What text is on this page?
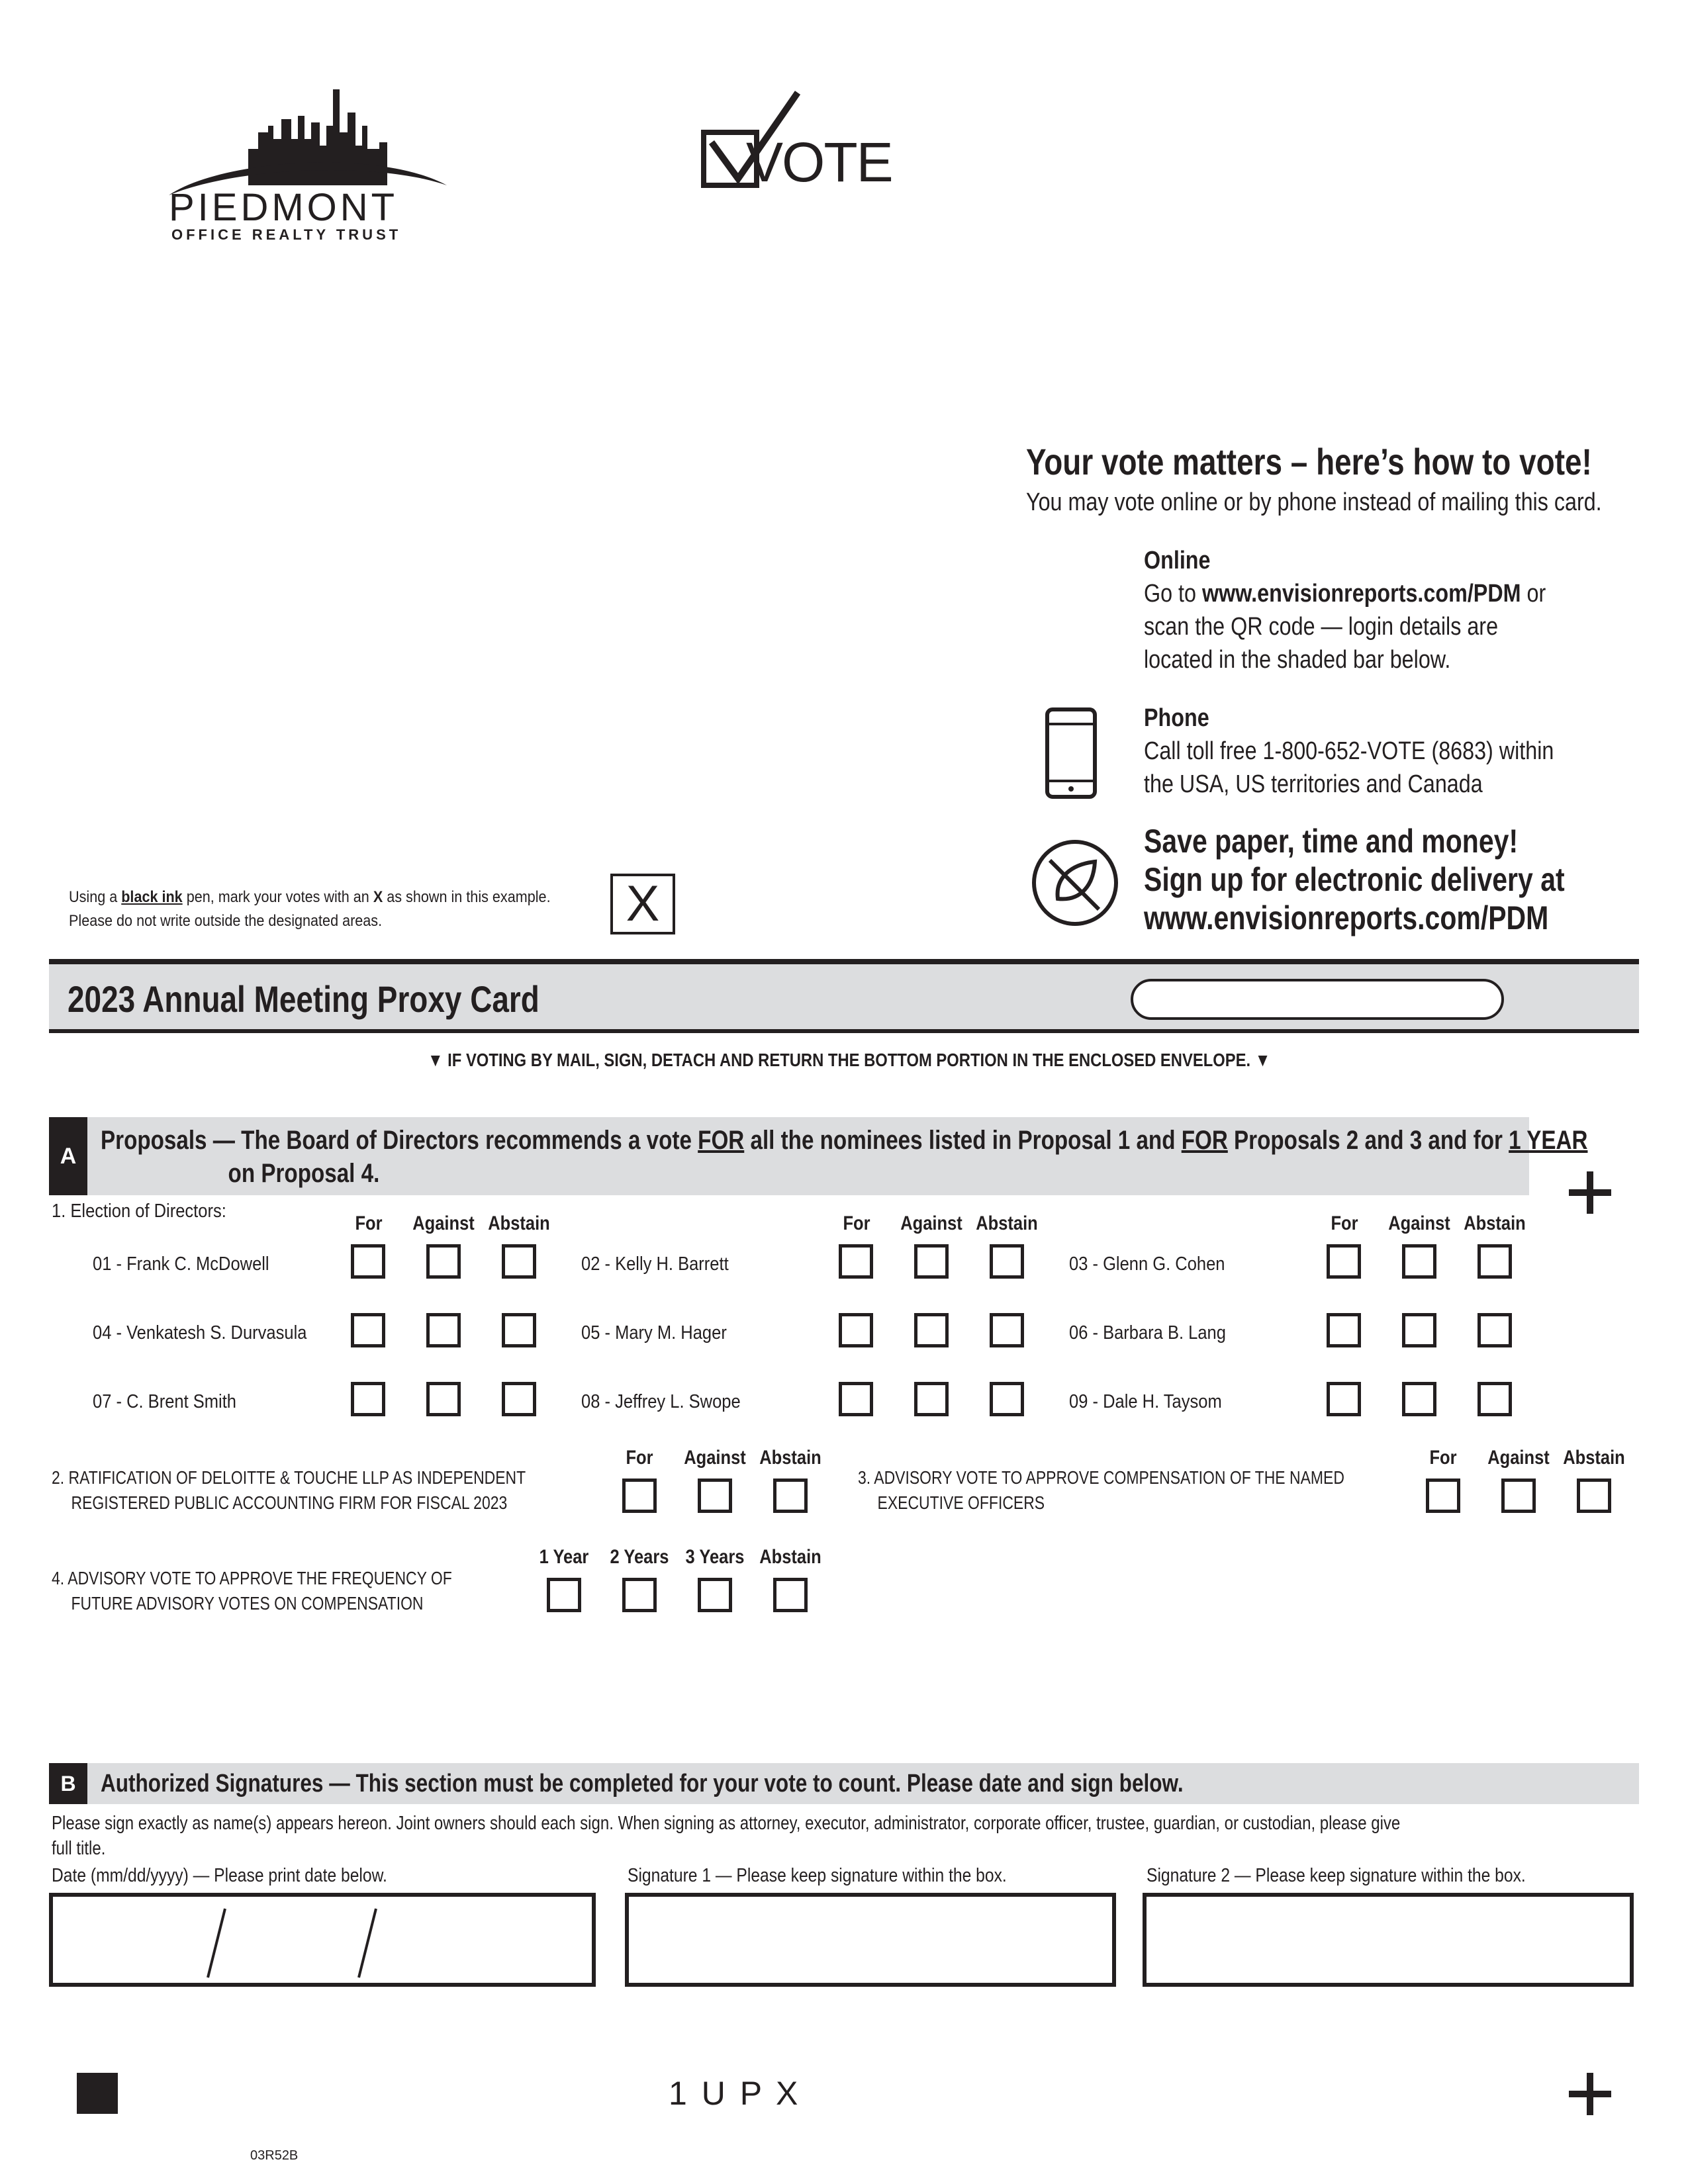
PIEDMONT
OFFICE REALTY TRUST
VOTE
Your vote matters – here’s how to vote!
You may vote online or by phone instead of mailing this card.
Online
Go to www.envisionreports.com/PDM or
scan the QR code — login details are
located in the shaded bar below.
Phone
Call toll free 1-800-652-VOTE (8683) within
the USA, US territories and Canada
Save paper, time and money!
Sign up for electronic delivery at
www.envisionreports.com/PDM
Using a black ink pen, mark your votes with an X as shown in this example.
Please do not write outside the designated areas.	X
2023 Annual Meeting Proxy Card
▼ IF VOTING BY MAIL, SIGN, DETACH AND RETURN THE BOTTOM PORTION IN THE ENCLOSED ENVELOPE. ▼
A
Proposals — The Board of Directors recommends a vote FOR all the nominees listed in Proposal 1 and FOR Proposals 2 and 3 and for 1 YEAR
on Proposal 4.
1. Election of Directors:
For	Against Abstain	For	Against Abstain	For	Against Abstain
01 - Frank C. McDowell	02 - Kelly H. Barrett	03 - Glenn G. Cohen
04 - Venkatesh S. Durvasula	05 - Mary M. Hager	06 - Barbara B. Lang
07 - C. Brent Smith	08 - Jeffrey L. Swope	09 - Dale H. Taysom
2. RATIFICATION OF DELOITTE & TOUCHE LLP AS INDEPENDENT
REGISTERED PUBLIC ACCOUNTING FIRM FOR FISCAL 2023
For	Against Abstain
3. ADVISORY VOTE TO APPROVE COMPENSATION OF THE NAMED
EXECUTIVE OFFICERS
For	Against Abstain
4. ADVISORY VOTE TO APPROVE THE FREQUENCY OF
FUTURE ADVISORY VOTES ON COMPENSATION
1 Year	2 Years 3 Years Abstain
B Authorized Signatures — This section must be completed for your vote to count. Please date and sign below.
Please sign exactly as name(s) appears hereon. Joint owners should each sign. When signing as attorney, executor, administrator, corporate officer, trustee, guardian, or custodian, please give
full title.
Date (mm/dd/yyyy) — Please print date below.	Signature 1 — Please keep signature within the box.	Signature 2 — Please keep signature within the box.
1 U P X
03R52B
